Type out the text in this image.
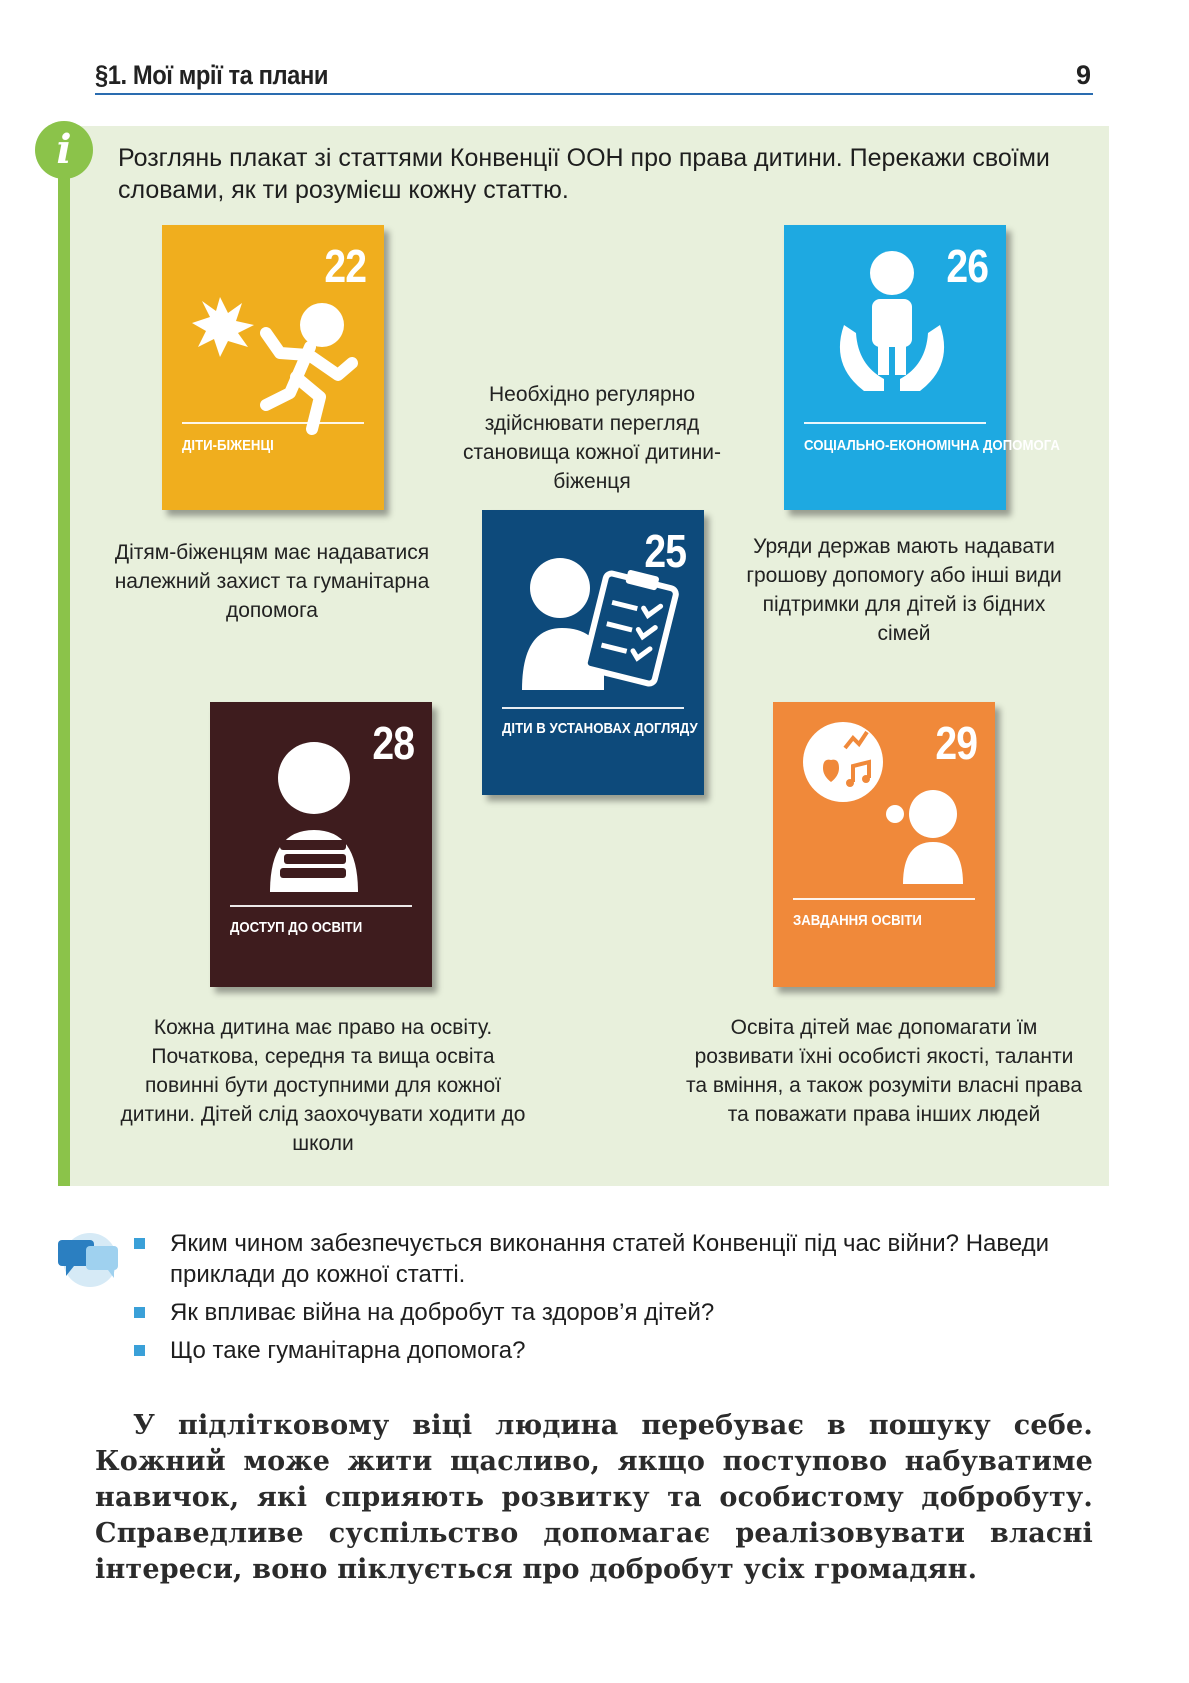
§1. Мої мрії та плани	9
i	Розглянь плакат зі статтями Конвенції ООН про права дитини. Перекажи своїми словами, як ти розумієш кожну статтю.
22
ДІТИ-БІЖЕНЦІ
25
ДІТИ В УСТАНОВАХ ДОГЛЯДУ
26
СОЦІАЛЬНО-ЕКОНОМІЧНА ДОПОМОГА
28
ДОСТУП ДО ОСВІТИ
29
ЗАВДАННЯ ОСВІТИ
Дітям-біженцям має надаватися належний захист та гуманітарна допомога
Необхідно регулярно здійснювати перегляд становища кожної дитини-біженця
Уряди держав мають надавати грошову допомогу або інші види підтримки для дітей із бідних сімей
Кожна дитина має право на освіту. Початкова, середня та вища освіта повинні бути доступними для кожної дитини. Дітей слід заохочувати ходити до школи
Освіта дітей має допомагати їм розвивати їхні особисті якості, таланти та вміння, а також розуміти власні права та поважати права інших людей
Яким чином забезпечується виконання статей Конвенції під час війни? Наведи приклади до кожної статті.
Як впливає війна на добробут та здоров’я дітей?
Що таке гуманітарна допомога?
У підлітковому віці людина перебуває в пошуку себе. Кожний може жити щасливо, якщо поступово набуватиме навичок, які сприяють розвитку та особистому добробуту. Справедливе суспільство допомагає реалізовувати власні інтереси, воно піклується про добробут усіх громадян.
